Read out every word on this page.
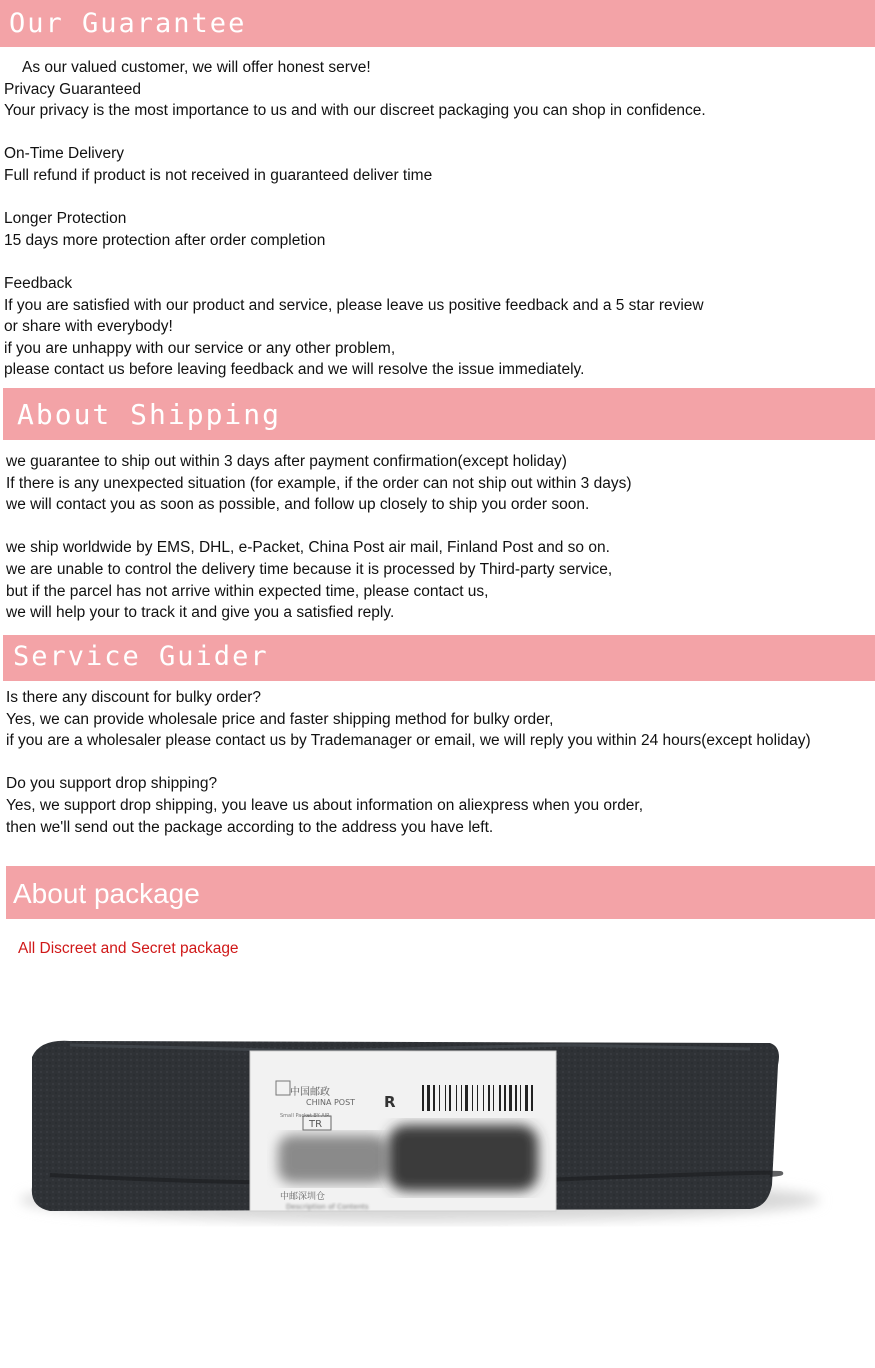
Our Guarantee

As our valued customer, we will offer honest serve!

Privacy Guaranteed

Your privacy is the most importance to us and with our discreet packaging you can shop in confidence.

On-Time Delivery

Full refund if product is not received in guaranteed deliver time

Longer Protection

15 days more protection after order completion

Feedback

If you are satisfied with our product and service, please leave us positive feedback and a 5 star review

or share with everybody!

if you are unhappy with our service or any other problem,

please contact us before leaving feedback and we will resolve the issue immediately.

About Shipping

we guarantee to ship out within 3 days after payment confirmation(except holiday)

If there is any unexpected situation (for example, if the order can not ship out within 3 days)

we will contact you as soon as possible, and follow up closely to ship you order soon.

we ship worldwide by EMS, DHL, e-Packet, China Post air mail, Finland Post and so on.

we are unable to control the delivery time because it is processed by Third-party service,

but if the parcel has not arrive within expected time, please contact us,

we will help your to track it and give you a satisfied reply.

Service Guider

Is there any discount for bulky order?

Yes, we can provide wholesale price and faster shipping method for bulky order,

if you are a wholesaler please contact us by Trademanager or email, we will reply you within 24 hours(except holiday)

Do you support drop shipping?

Yes, we support drop shipping, you leave us about information on aliexpress when you order,

then we'll send out the package according to the address you have left.

About package
All Discreet and Secret package
中国邮政
CHINA POST
Small Packet BY AIR
TR
R
中邮深圳仓
Description of Contents
